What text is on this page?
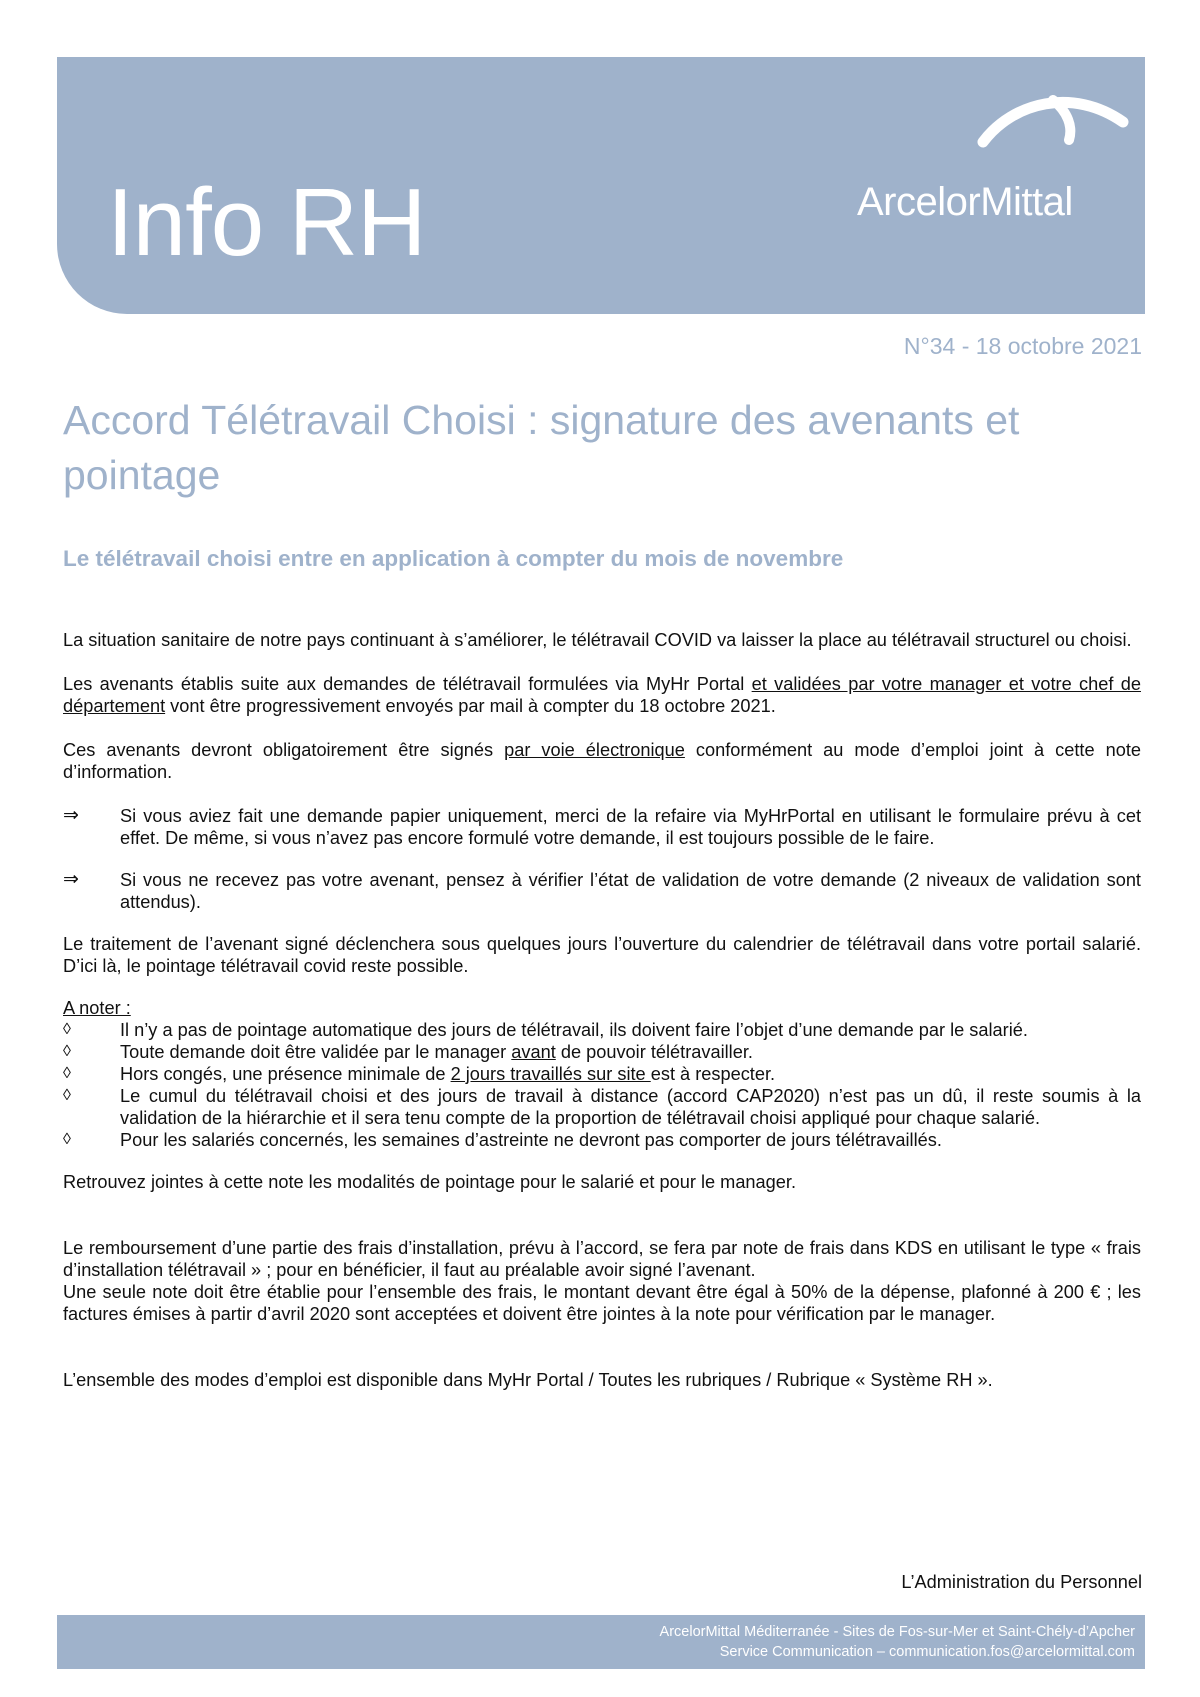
Info RH	ArcelorMittal
N°34 - 18 octobre 2021
Accord Télétravail Choisi : signature des avenants et pointage
Le télétravail choisi entre en application à compter du mois de novembre

La situation sanitaire de notre pays continuant à s’améliorer, le télétravail COVID va laisser la place au télétravail structurel ou choisi.

Les avenants établis suite aux demandes de télétravail formulées via MyHr Portal et validées par votre manager et votre chef de département vont être progressivement envoyés par mail à compter du 18 octobre 2021.

Ces avenants devront obligatoirement être signés par voie électronique conformément au mode d’emploi joint à cette note d’information.

⇒	Si vous aviez fait une demande papier uniquement, merci de la refaire via MyHrPortal en utilisant le formulaire prévu à cet effet. De même, si vous n’avez pas encore formulé votre demande, il est toujours possible de le faire.
⇒	Si vous ne recevez pas votre avenant, pensez à vérifier l’état de validation de votre demande (2 niveaux de validation sont attendus).

Le traitement de l’avenant signé déclenchera sous quelques jours l’ouverture du calendrier de télétravail dans votre portail salarié. D’ici là, le pointage télétravail covid reste possible.

A noter :

◊	Il n’y a pas de pointage automatique des jours de télétravail, ils doivent faire l’objet d’une demande par le salarié.
◊	Toute demande doit être validée par le manager avant de pouvoir télétravailler.
◊	Hors congés, une présence minimale de 2 jours travaillés sur site est à respecter.
◊	Le cumul du télétravail choisi et des jours de travail à distance (accord CAP2020) n’est pas un dû, il reste soumis à la validation de la hiérarchie et il sera tenu compte de la proportion de télétravail choisi appliqué pour chaque salarié.
◊	Pour les salariés concernés, les semaines d’astreinte ne devront pas comporter de jours télétravaillés.

Retrouvez jointes à cette note les modalités de pointage pour le salarié et pour le manager.

Le remboursement d’une partie des frais d’installation, prévu à l’accord, se fera par note de frais dans KDS en utilisant le type « frais d’installation télétravail » ; pour en bénéficier, il faut au préalable avoir signé l’avenant.

Une seule note doit être établie pour l’ensemble des frais, le montant devant être égal à 50% de la dépense, plafonné à 200 € ; les factures émises à partir d’avril 2020 sont acceptées et doivent être jointes à la note pour vérification par le manager.

L’ensemble des modes d’emploi est disponible dans MyHr Portal / Toutes les rubriques / Rubrique « Système RH ».

L’Administration du Personnel
ArcelorMittal Méditerranée - Sites de Fos-sur-Mer et Saint-Chély-d’Apcher
Service Communication – communication.fos@arcelormittal.com
